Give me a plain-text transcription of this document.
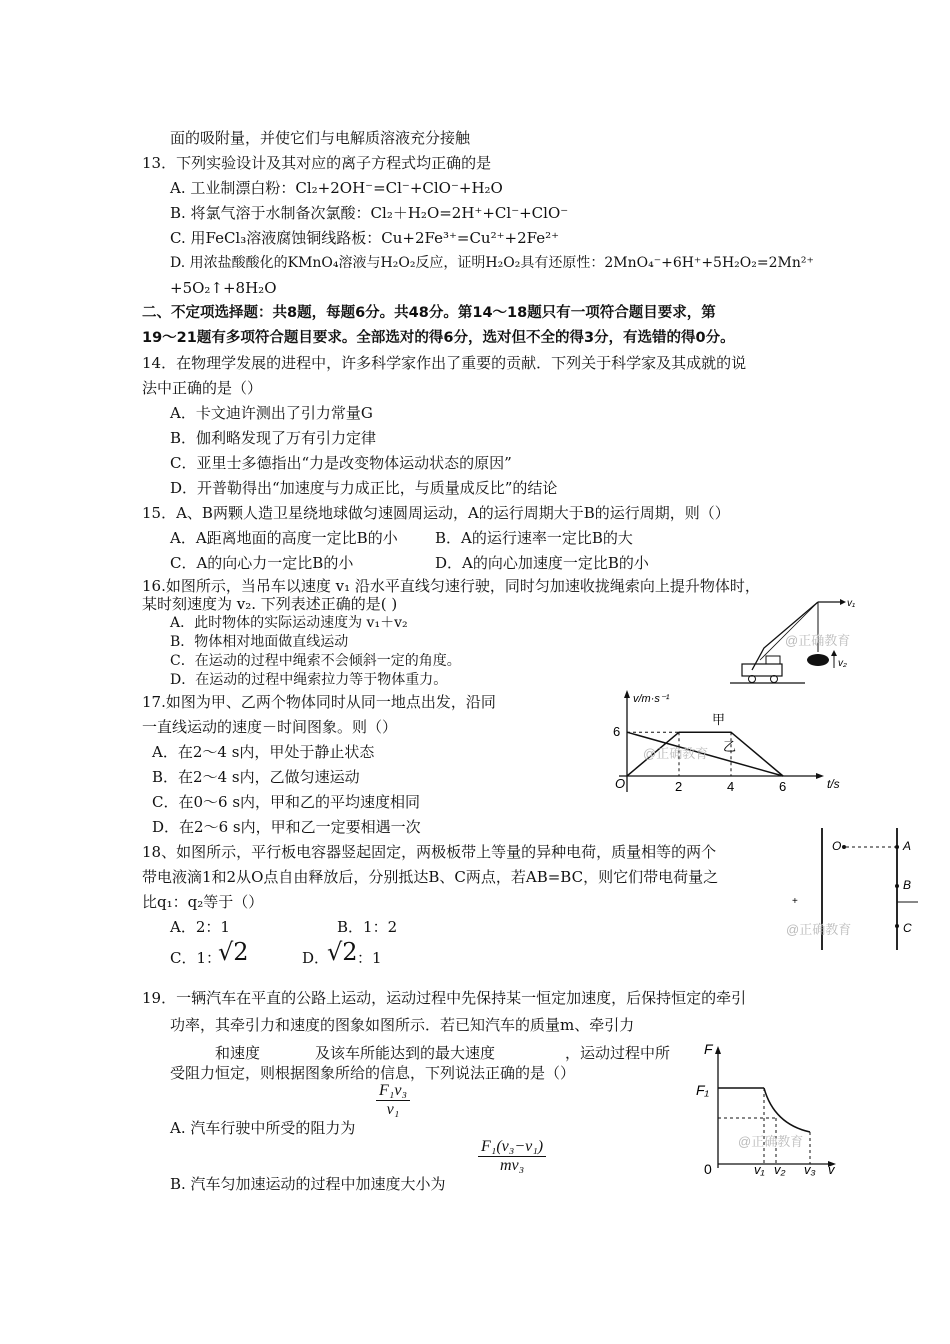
面的吸附量，并使它们与电解质溶液充分接触
13．下列实验设计及其对应的离子方程式均正确的是
A. 工业制漂白粉：Cl₂+2OH⁻=Cl⁻+ClO⁻+H₂O
B. 将氯气溶于水制备次氯酸：Cl₂＋H₂O=2H⁺+Cl⁻+ClO⁻
C. 用FeCl₃溶液腐蚀铜线路板：Cu+2Fe³⁺=Cu²⁺+2Fe²⁺
D. 用浓盐酸酸化的KMnO₄溶液与H₂O₂反应，证明H₂O₂具有还原性：2MnO₄⁻+6H⁺+5H₂O₂=2Mn²⁺
+5O₂↑+8H₂O
二、不定项选择题：共8题，每题6分。共48分。第14～18题只有一项符合题目要求，第
19～21题有多项符合题目要求。全部选对的得6分，选对但不全的得3分，有选错的得0分。
14．在物理学发展的进程中，许多科学家作出了重要的贡献．下列关于科学家及其成就的说
法中正确的是（）
A．卡文迪许测出了引力常量G
B．伽利略发现了万有引力定律
C．亚里士多德指出“力是改变物体运动状态的原因”
D．开普勒得出“加速度与力成正比，与质量成反比”的结论
15．A、B两颗人造卫星绕地球做匀速圆周运动，A的运行周期大于B的运行周期，则（）
A．A距离地面的高度一定比B的小 B．A的运行速率一定比B的大
C．A的向心力一定比B的小	D．A的向心加速度一定比B的小
16.如图所示，当吊车以速度 v₁ 沿水平直线匀速行驶，同时匀加速收拢绳索向上提升物体时，
某时刻速度为 v₂. 下列表述正确的是( )
A．此时物体的实际运动速度为 v₁＋v₂
B．物体相对地面做直线运动
C．在运动的过程中绳索不会倾斜一定的角度。
D．在运动的过程中绳索拉力等于物体重力。
17.如图为甲、乙两个物体同时从同一地点出发，沿同
一直线运动的速度－时间图象。则（）
A．在2～4 s内，甲处于静止状态
B．在2～4 s内，乙做匀速运动
C．在0～6 s内，甲和乙的平均速度相同
D．在2～6 s内，甲和乙一定要相遇一次
18、如图所示，平行板电容器竖起固定，两极板带上等量的异种电荷，质量相等的两个
带电液滴1和2从O点自由释放后，分别抵达B、C两点，若AB=BC，则它们带电荷量之
比q₁：q₂等于（）
A．2：1	B．1：2
C．1：
√2	D．
√2 ：1
19．一辆汽车在平直的公路上运动，运动过程中先保持某一恒定加速度，后保持恒定的牵引
功率，其牵引力和速度的图象如图所示．若已知汽车的质量m、牵引力
和速度	及该车所能达到的最大速度	，运动过程中所
受阻力恒定，则根据图象所给的信息，下列说法正确的是（）
$\frac{\text{F₁v₃}}{\text{v₁}}$
A. 汽车行驶中所受的阻力为
$\frac{\text{F₁(v₃−v₁)}}{\text{mv₃}}$
B. 汽车匀加速运动的过程中加速度大小为
v₁
v₂
@正确教育
v/m·s⁻¹
t/s
O
6
2	4	6
甲
乙
@正确教育
O	A
B
C
+
@正确教育
F
F₁
0	v₁ v₂ v₃ v
@正确教育
